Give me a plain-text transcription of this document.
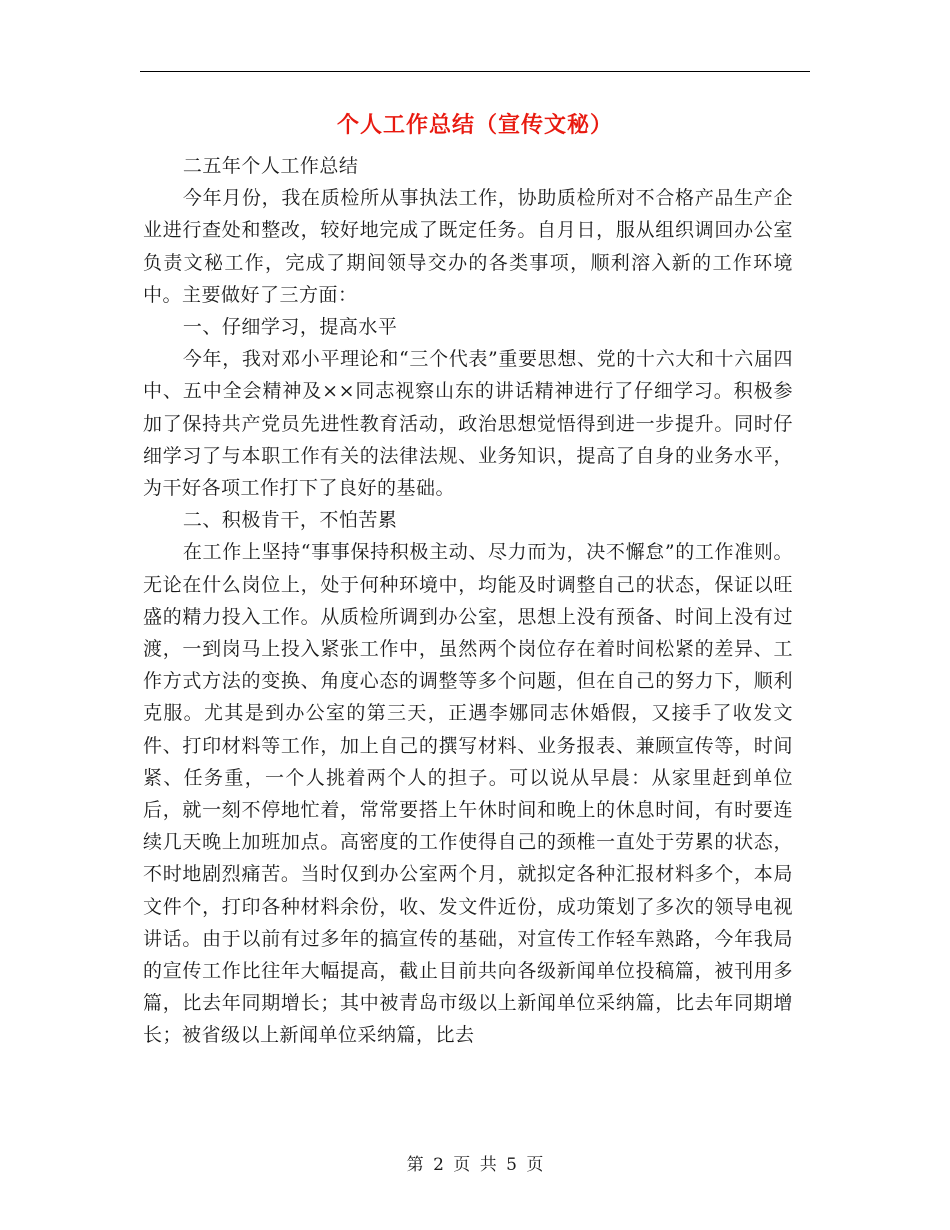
个人工作总结（宣传文秘）

二五年个人工作总结

今年月份，我在质检所从事执法工作，协助质检所对不合格产品生产企业进行查处和整改，较好地完成了既定任务。自月日，服从组织调回办公室负责文秘工作，完成了期间领导交办的各类事项，顺利溶入新的工作环境中。主要做好了三方面：

一、仔细学习，提高水平

今年，我对邓小平理论和“三个代表”重要思想、党的十六大和十六届四中、五中全会精神及××同志视察山东的讲话精神进行了仔细学习。积极参加了保持共产党员先进性教育活动，政治思想觉悟得到进一步提升。同时仔细学习了与本职工作有关的法律法规、业务知识，提高了自身的业务水平，为干好各项工作打下了良好的基础。

二、积极肯干，不怕苦累

在工作上坚持“事事保持积极主动、尽力而为，决不懈怠”的工作准则。无论在什么岗位上，处于何种环境中，均能及时调整自己的状态，保证以旺盛的精力投入工作。从质检所调到办公室，思想上没有预备、时间上没有过渡，一到岗马上投入紧张工作中，虽然两个岗位存在着时间松紧的差异、工作方式方法的变换、角度心态的调整等多个问题，但在自己的努力下，顺利克服。尤其是到办公室的第三天，正遇李娜同志休婚假，又接手了收发文件、打印材料等工作，加上自己的撰写材料、业务报表、兼顾宣传等，时间紧、任务重，一个人挑着两个人的担子。可以说从早晨：从家里赶到单位后，就一刻不停地忙着，常常要搭上午休时间和晚上的休息时间，有时要连续几天晚上加班加点。高密度的工作使得自己的颈椎一直处于劳累的状态，不时地剧烈痛苦。当时仅到办公室两个月，就拟定各种汇报材料多个，本局文件个，打印各种材料余份，收、发文件近份，成功策划了多次的领导电视讲话。由于以前有过多年的搞宣传的基础，对宣传工作轻车熟路，今年我局的宣传工作比往年大幅提高，截止目前共向各级新闻单位投稿篇，被刊用多篇，比去年同期增长；其中被青岛市级以上新闻单位采纳篇，比去年同期增长；被省级以上新闻单位采纳篇，比去

第 2 页 共 5 页
